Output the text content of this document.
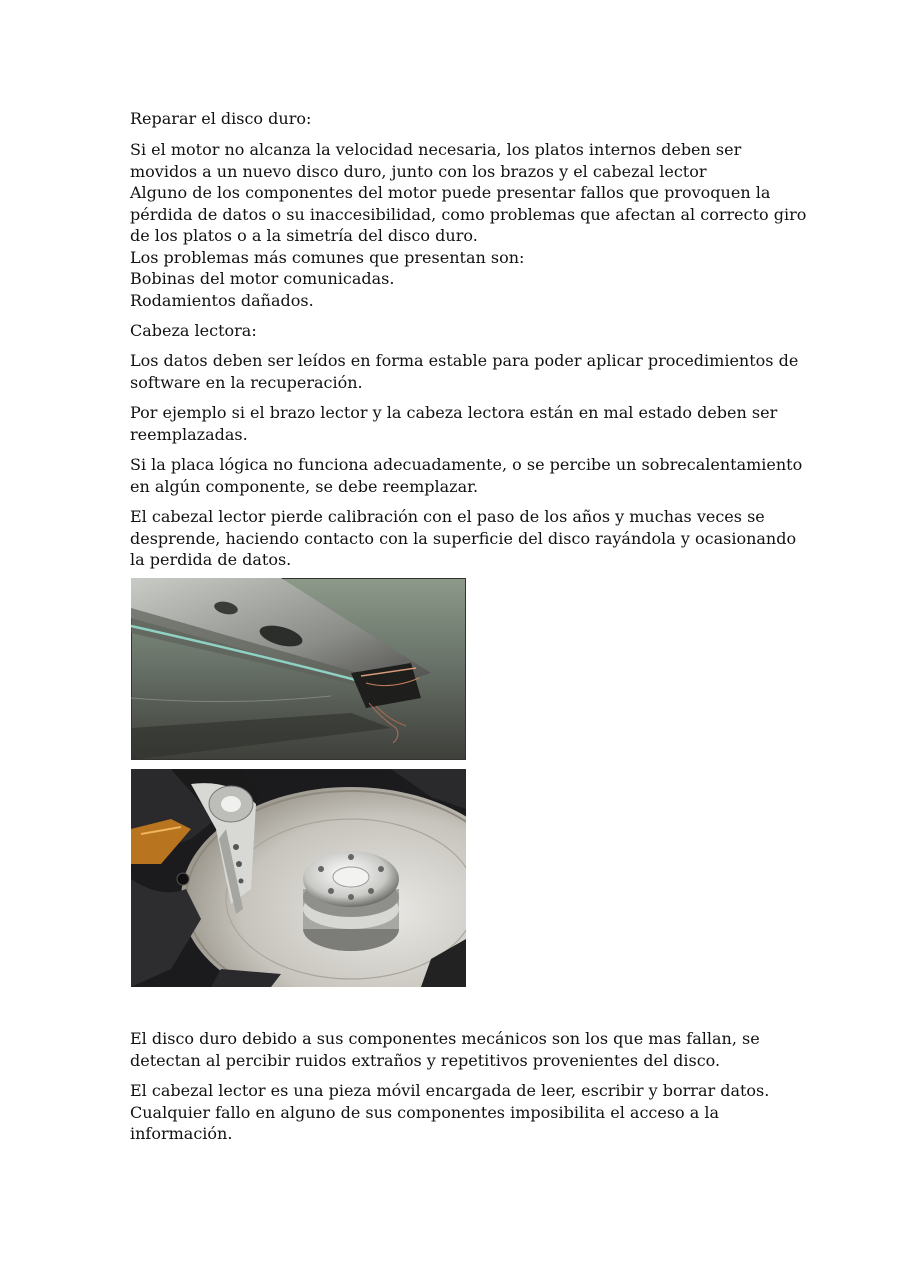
Reparar el disco duro:

Si el motor no alcanza la velocidad necesaria, los platos internos deben ser
movidos a un nuevo disco duro, junto con los brazos y el cabezal lector
Alguno de los componentes del motor puede presentar fallos que provoquen la
pérdida de datos o su inaccesibilidad, como problemas que afectan al correcto giro
de los platos o a la simetría del disco duro.
Los problemas más comunes que presentan son:
Bobinas del motor comunicadas.
Rodamientos dañados.

Cabeza lectora:

Los datos deben ser leídos en forma estable para poder aplicar procedimientos de
software en la recuperación.

Por ejemplo si el brazo lector y la cabeza lectora están en mal estado deben ser
reemplazadas.

Si la placa lógica no funciona adecuadamente, o se percibe un sobrecalentamiento
en algún componente, se debe reemplazar.

El cabezal lector pierde calibración con el paso de los años y muchas veces se
desprende, haciendo contacto con la superficie del disco rayándola y ocasionando
la perdida de datos.

El disco duro debido a sus componentes mecánicos son los que mas fallan, se
detectan al percibir ruidos extraños y repetitivos provenientes del disco.

El cabezal lector es una pieza móvil encargada de leer, escribir y borrar datos.
Cualquier fallo en alguno de sus componentes imposibilita el acceso a la
información.
